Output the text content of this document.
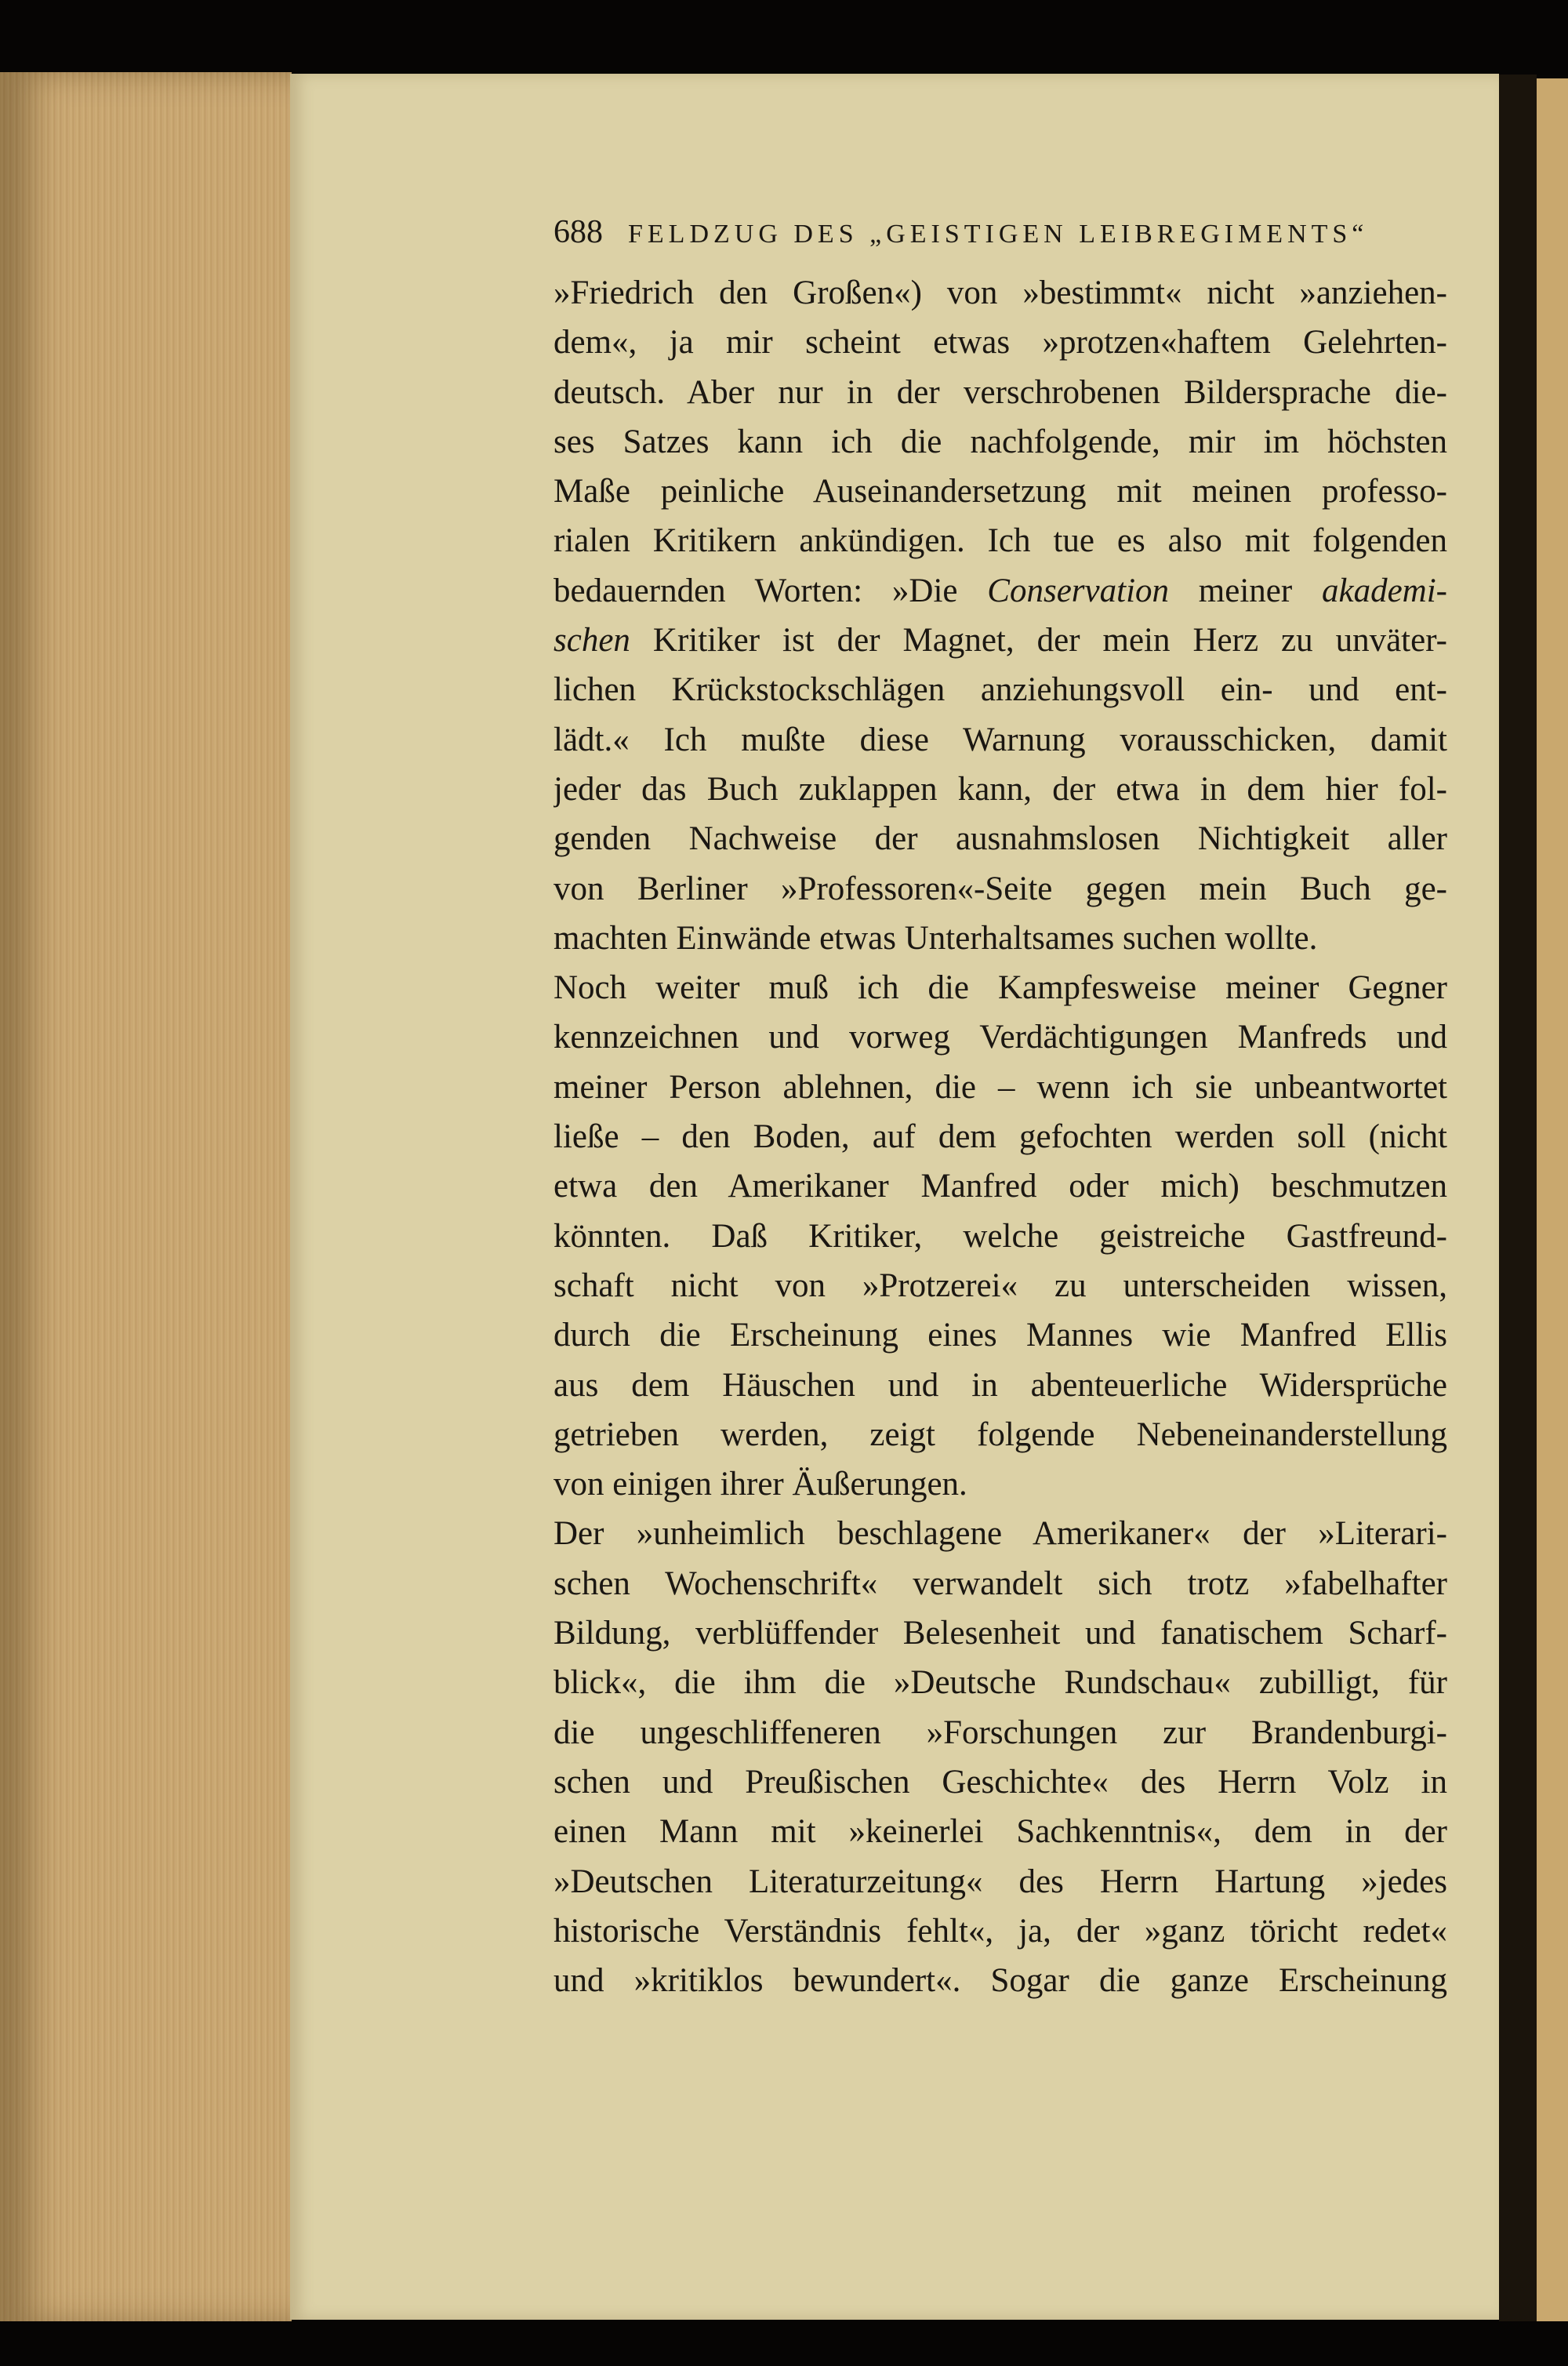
688 FELDZUG DES „GEISTIGEN LEIBREGIMENTS“
»Friedrich den Großen«) von »bestimmt« nicht »anziehen-
dem«, ja mir scheint etwas »protzen«haftem Gelehrten-
deutsch. Aber nur in der verschrobenen Bildersprache die-
ses Satzes kann ich die nachfolgende, mir im höchsten
Maße peinliche Auseinandersetzung mit meinen professo-
rialen Kritikern ankündigen. Ich tue es also mit folgenden
bedauernden Worten: »Die Conservation meiner akademi-
schen Kritiker ist der Magnet, der mein Herz zu unväter-
lichen Krückstockschlägen anziehungsvoll ein- und ent-
lädt.« Ich mußte diese Warnung vorausschicken, damit
jeder das Buch zuklappen kann, der etwa in dem hier fol-
genden Nachweise der ausnahmslosen Nichtigkeit aller
von Berliner »Professoren«-Seite gegen mein Buch ge-
machten Einwände etwas Unterhaltsames suchen wollte.
Noch weiter muß ich die Kampfesweise meiner Gegner
kennzeichnen und vorweg Verdächtigungen Manfreds und
meiner Person ablehnen, die – wenn ich sie unbeantwortet
ließe – den Boden, auf dem gefochten werden soll (nicht
etwa den Amerikaner Manfred oder mich) beschmutzen
könnten. Daß Kritiker, welche geistreiche Gastfreund-
schaft nicht von »Protzerei« zu unterscheiden wissen,
durch die Erscheinung eines Mannes wie Manfred Ellis
aus dem Häuschen und in abenteuerliche Widersprüche
getrieben werden, zeigt folgende Nebeneinanderstellung
von einigen ihrer Äußerungen.
Der »unheimlich beschlagene Amerikaner« der »Literari-
schen Wochenschrift« verwandelt sich trotz »fabelhafter
Bildung, verblüffender Belesenheit und fanatischem Scharf-
blick«, die ihm die »Deutsche Rundschau« zubilligt, für
die ungeschliffeneren »Forschungen zur Brandenburgi-
schen und Preußischen Geschichte« des Herrn Volz in
einen Mann mit »keinerlei Sachkenntnis«, dem in der
»Deutschen Literaturzeitung« des Herrn Hartung »jedes
historische Verständnis fehlt«, ja, der »ganz töricht redet«
und »kritiklos bewundert«. Sogar die ganze Erscheinung
